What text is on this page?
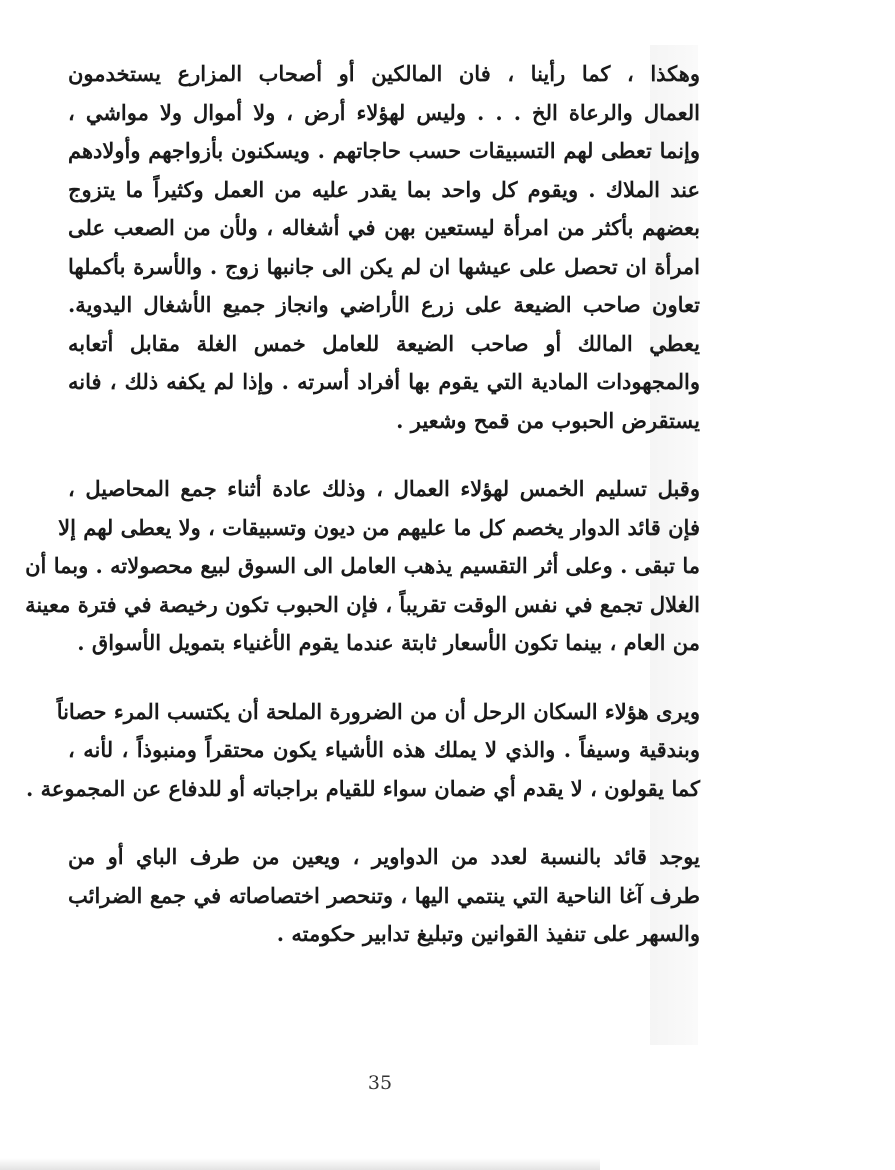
وهكذا ، كما رأينا ، فان المالكين أو أصحاب المزارع يستخدمون
العمال والرعاة الخ . . . وليس لهؤلاء أرض ، ولا أموال ولا مواشي ،
وإنما تعطى لهم التسبيقات حسب حاجاتهم . ويسكنون بأزواجهم وأولادهم
عند الملاك . ويقوم كل واحد بما يقدر عليه من العمل وكثيراً ما يتزوج
بعضهم بأكثر من امرأة ليستعين بهن في أشغاله ، ولأن من الصعب على
امرأة ان تحصل على عيشها ان لم يكن الى جانبها زوج . والأسرة بأكملها
تعاون صاحب الضيعة على زرع الأراضي وانجاز جميع الأشغال اليدوية.
يعطي المالك أو صاحب الضيعة للعامل خمس الغلة مقابل أتعابه
والمجهودات المادية التي يقوم بها أفراد أسرته . وإذا لم يكفه ذلك ، فانه
يستقرض الحبوب من قمح وشعير .
وقبل تسليم الخمس لهؤلاء العمال ، وذلك عادة أثناء جمع المحاصيل ،
فإن قائد الدوار يخصم كل ما عليهم من ديون وتسبيقات ، ولا يعطى لهم إلا
ما تبقى . وعلى أثر التقسيم يذهب العامل الى السوق لبيع محصولاته . وبما أن
الغلال تجمع في نفس الوقت تقريباً ، فإن الحبوب تكون رخيصة في فترة معينة
من العام ، بينما تكون الأسعار ثابتة عندما يقوم الأغنياء بتمويل الأسواق .
ويرى هؤلاء السكان الرحل أن من الضرورة الملحة أن يكتسب المرء حصاناً
وبندقية وسيفاً . والذي لا يملك هذه الأشياء يكون محتقراً ومنبوذاً ، لأنه ،
كما يقولون ، لا يقدم أي ضمان سواء للقيام براجباته أو للدفاع عن المجموعة .
يوجد قائد بالنسبة لعدد من الدواوير ، ويعين من طرف الباي أو من
طرف آغا الناحية التي ينتمي اليها ، وتنحصر اختصاصاته في جمع الضرائب
والسهر على تنفيذ القوانين وتبليغ تدابير حكومته .
35
